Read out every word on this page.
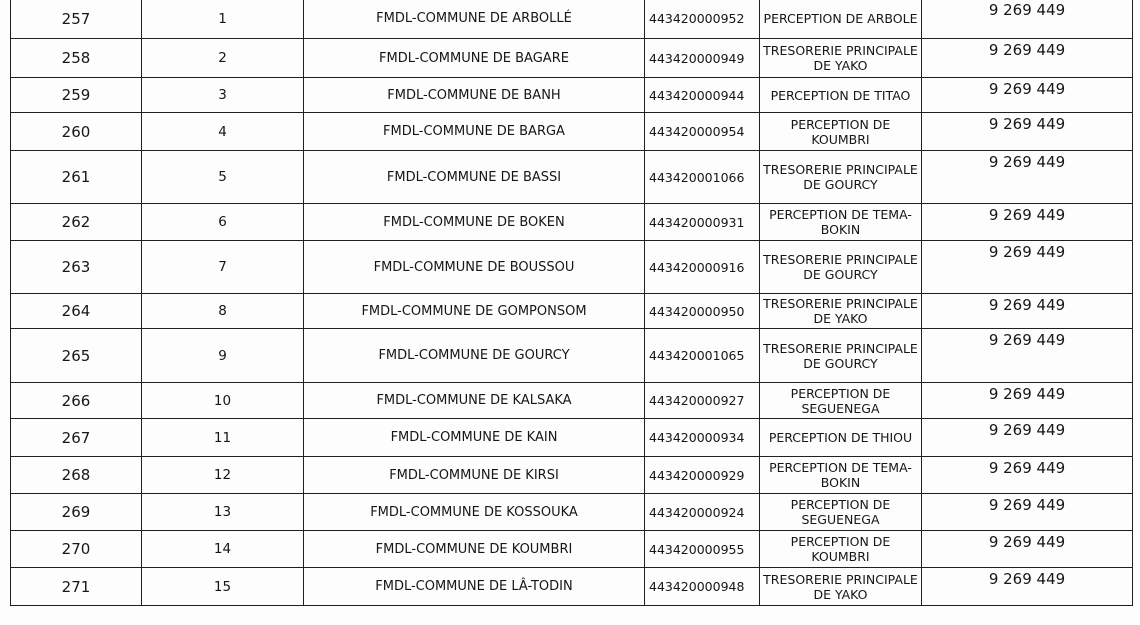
257	1	FMDL-COMMUNE DE ARBOLLÉ	443420000952	PERCEPTION DE ARBOLE	9 269 449
258	2	FMDL-COMMUNE DE BAGARE	443420000949	TRESORERIE PRINCIPALE DE YAKO	9 269 449
259	3	FMDL-COMMUNE DE BANH	443420000944	PERCEPTION DE TITAO	9 269 449
260	4	FMDL-COMMUNE DE BARGA	443420000954	PERCEPTION DE KOUMBRI	9 269 449
261	5	FMDL-COMMUNE DE BASSI	443420001066	TRESORERIE PRINCIPALE DE GOURCY	9 269 449
262	6	FMDL-COMMUNE DE BOKEN	443420000931	PERCEPTION DE TEMA-BOKIN	9 269 449
263	7	FMDL-COMMUNE DE BOUSSOU	443420000916	TRESORERIE PRINCIPALE DE GOURCY	9 269 449
264	8	FMDL-COMMUNE DE GOMPONSOM	443420000950	TRESORERIE PRINCIPALE DE YAKO	9 269 449
265	9	FMDL-COMMUNE DE GOURCY	443420001065	TRESORERIE PRINCIPALE DE GOURCY	9 269 449
266	10	FMDL-COMMUNE DE KALSAKA	443420000927	PERCEPTION DE SEGUENEGA	9 269 449
267	11	FMDL-COMMUNE DE KAIN	443420000934	PERCEPTION DE THIOU	9 269 449
268	12	FMDL-COMMUNE DE KIRSI	443420000929	PERCEPTION DE TEMA-BOKIN	9 269 449
269	13	FMDL-COMMUNE DE KOSSOUKA	443420000924	PERCEPTION DE SEGUENEGA	9 269 449
270	14	FMDL-COMMUNE DE KOUMBRI	443420000955	PERCEPTION DE KOUMBRI	9 269 449
271	15	FMDL-COMMUNE DE LÂ-TODIN	443420000948	TRESORERIE PRINCIPALE DE YAKO	9 269 449
